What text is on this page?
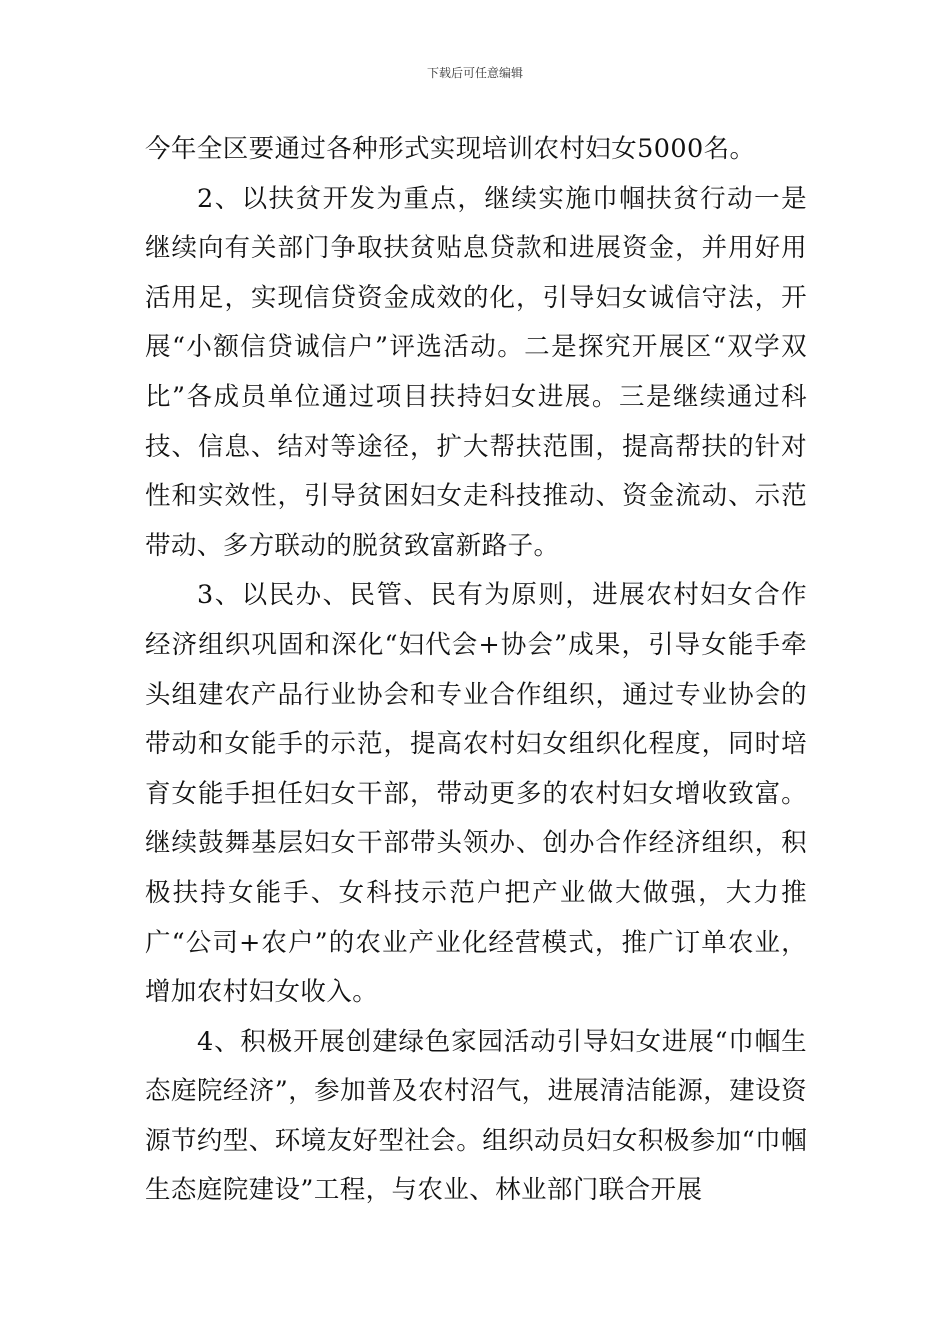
下载后可任意编辑

今年全区要通过各种形式实现培训农村妇女5000名。

2、以扶贫开发为重点，继续实施巾帼扶贫行动一是继续向有关部门争取扶贫贴息贷款和进展资金，并用好用活用足，实现信贷资金成效的化，引导妇女诚信守法，开展“小额信贷诚信户”评选活动。二是探究开展区“双学双比”各成员单位通过项目扶持妇女进展。三是继续通过科技、信息、结对等途径，扩大帮扶范围，提高帮扶的针对性和实效性，引导贫困妇女走科技推动、资金流动、示范带动、多方联动的脱贫致富新路子。

3、以民办、民管、民有为原则，进展农村妇女合作经济组织巩固和深化“妇代会+协会”成果，引导女能手牵头组建农产品行业协会和专业合作组织，通过专业协会的带动和女能手的示范，提高农村妇女组织化程度，同时培育女能手担任妇女干部，带动更多的农村妇女增收致富。继续鼓舞基层妇女干部带头领办、创办合作经济组织，积极扶持女能手、女科技示范户把产业做大做强，大力推广“公司+农户”的农业产业化经营模式，推广订单农业，增加农村妇女收入。

4、积极开展创建绿色家园活动引导妇女进展“巾帼生态庭院经济”，参加普及农村沼气，进展清洁能源，建设资源节约型、环境友好型社会。组织动员妇女积极参加“巾帼生态庭院建设”工程，与农业、林业部门联合开展
